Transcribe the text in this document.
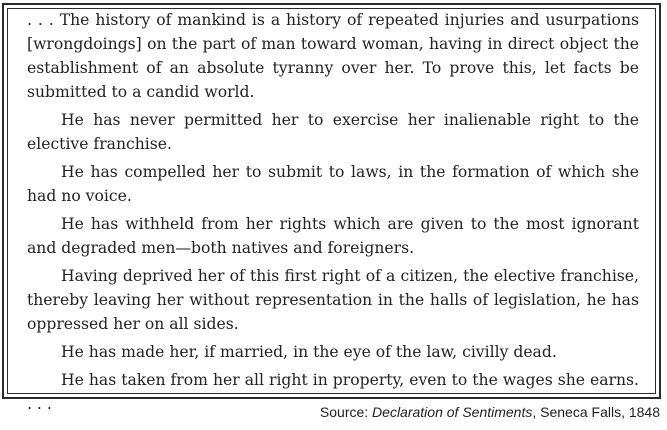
. . . The history of mankind is a history of repeated injuries and usurpations [wrongdoings] on the part of man toward woman, having in direct object the establishment of an absolute tyranny over her. To prove this, let facts be submitted to a candid world.

He has never permitted her to exercise her inalienable right to the elective franchise.

He has compelled her to submit to laws, in the formation of which she had no voice.

He has withheld from her rights which are given to the most ignorant and degraded men—both natives and foreigners.

Having deprived her of this first right of a citizen, the elective franchise, thereby leaving her without representation in the halls of legislation, he has oppressed her on all sides.

He has made her, if married, in the eye of the law, civilly dead.

He has taken from her all right in property, even to the wages she earns. . . .	Source: Declaration of Sentiments, Seneca Falls, 1848
